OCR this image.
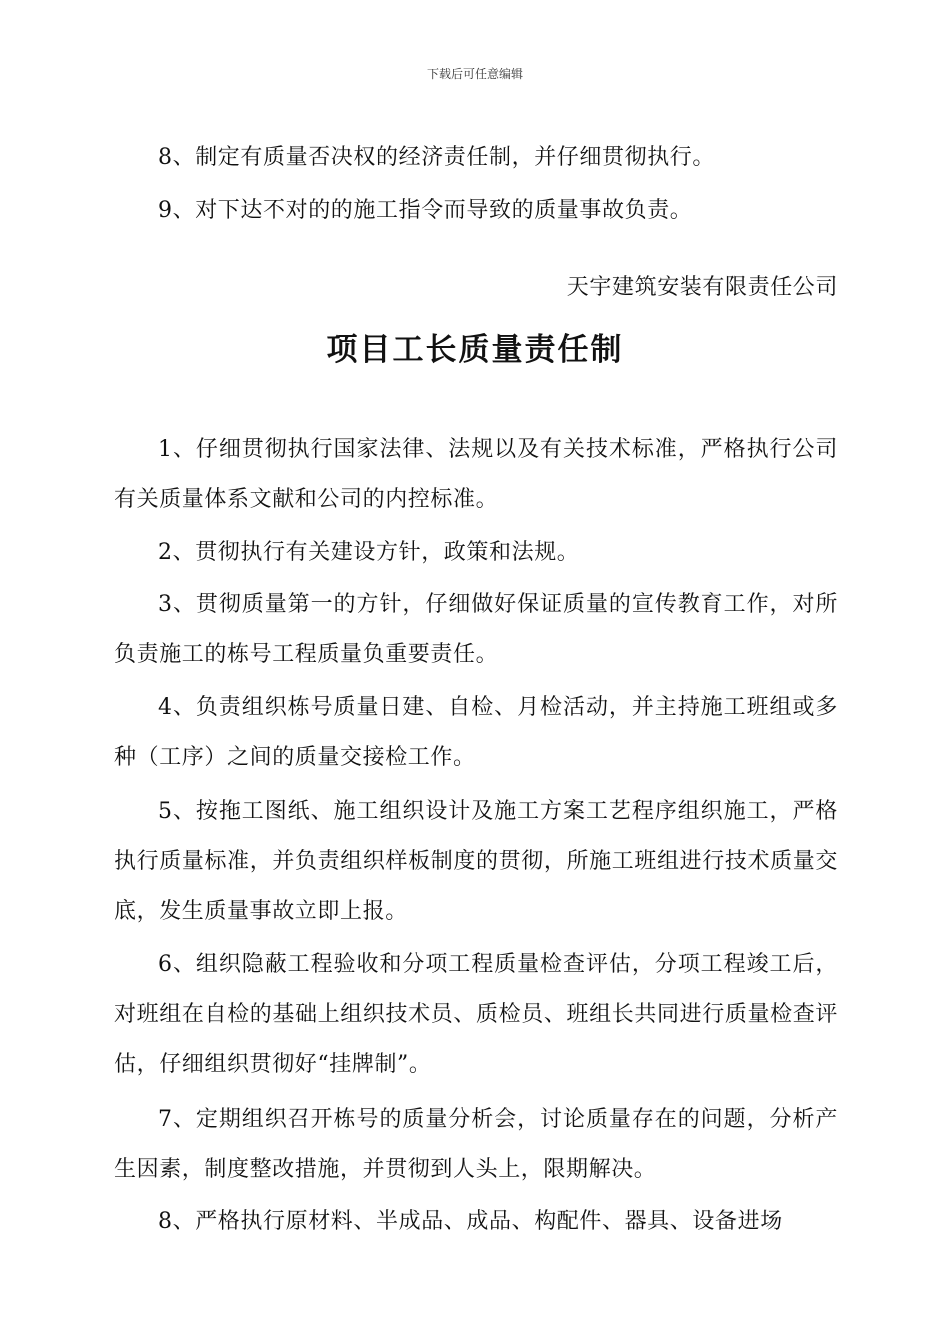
下载后可任意编辑

8、制定有质量否决权的经济责任制，并仔细贯彻执行。

9、对下达不对的的施工指令而导致的质量事故负责。

天宇建筑安装有限责任公司

项目工长质量责任制

1、仔细贯彻执行国家法律、法规以及有关技术标准，严格执行公司有关质量体系文献和公司的内控标准。

2、贯彻执行有关建设方针，政策和法规。

3、贯彻质量第一的方针，仔细做好保证质量的宣传教育工作，对所负责施工的栋号工程质量负重要责任。

4、负责组织栋号质量日建、自检、月检活动，并主持施工班组或多种（工序）之间的质量交接检工作。

5、按拖工图纸、施工组织设计及施工方案工艺程序组织施工，严格执行质量标准，并负责组织样板制度的贯彻，所施工班组进行技术质量交底，发生质量事故立即上报。

6、组织隐蔽工程验收和分项工程质量检查评估，分项工程竣工后，对班组在自检的基础上组织技术员、质检员、班组长共同进行质量检查评估，仔细组织贯彻好“挂牌制”。

7、定期组织召开栋号的质量分析会，讨论质量存在的问题，分析产生因素，制度整改措施，并贯彻到人头上，限期解决。

8、严格执行原材料、半成品、成品、构配件、器具、设备进场
